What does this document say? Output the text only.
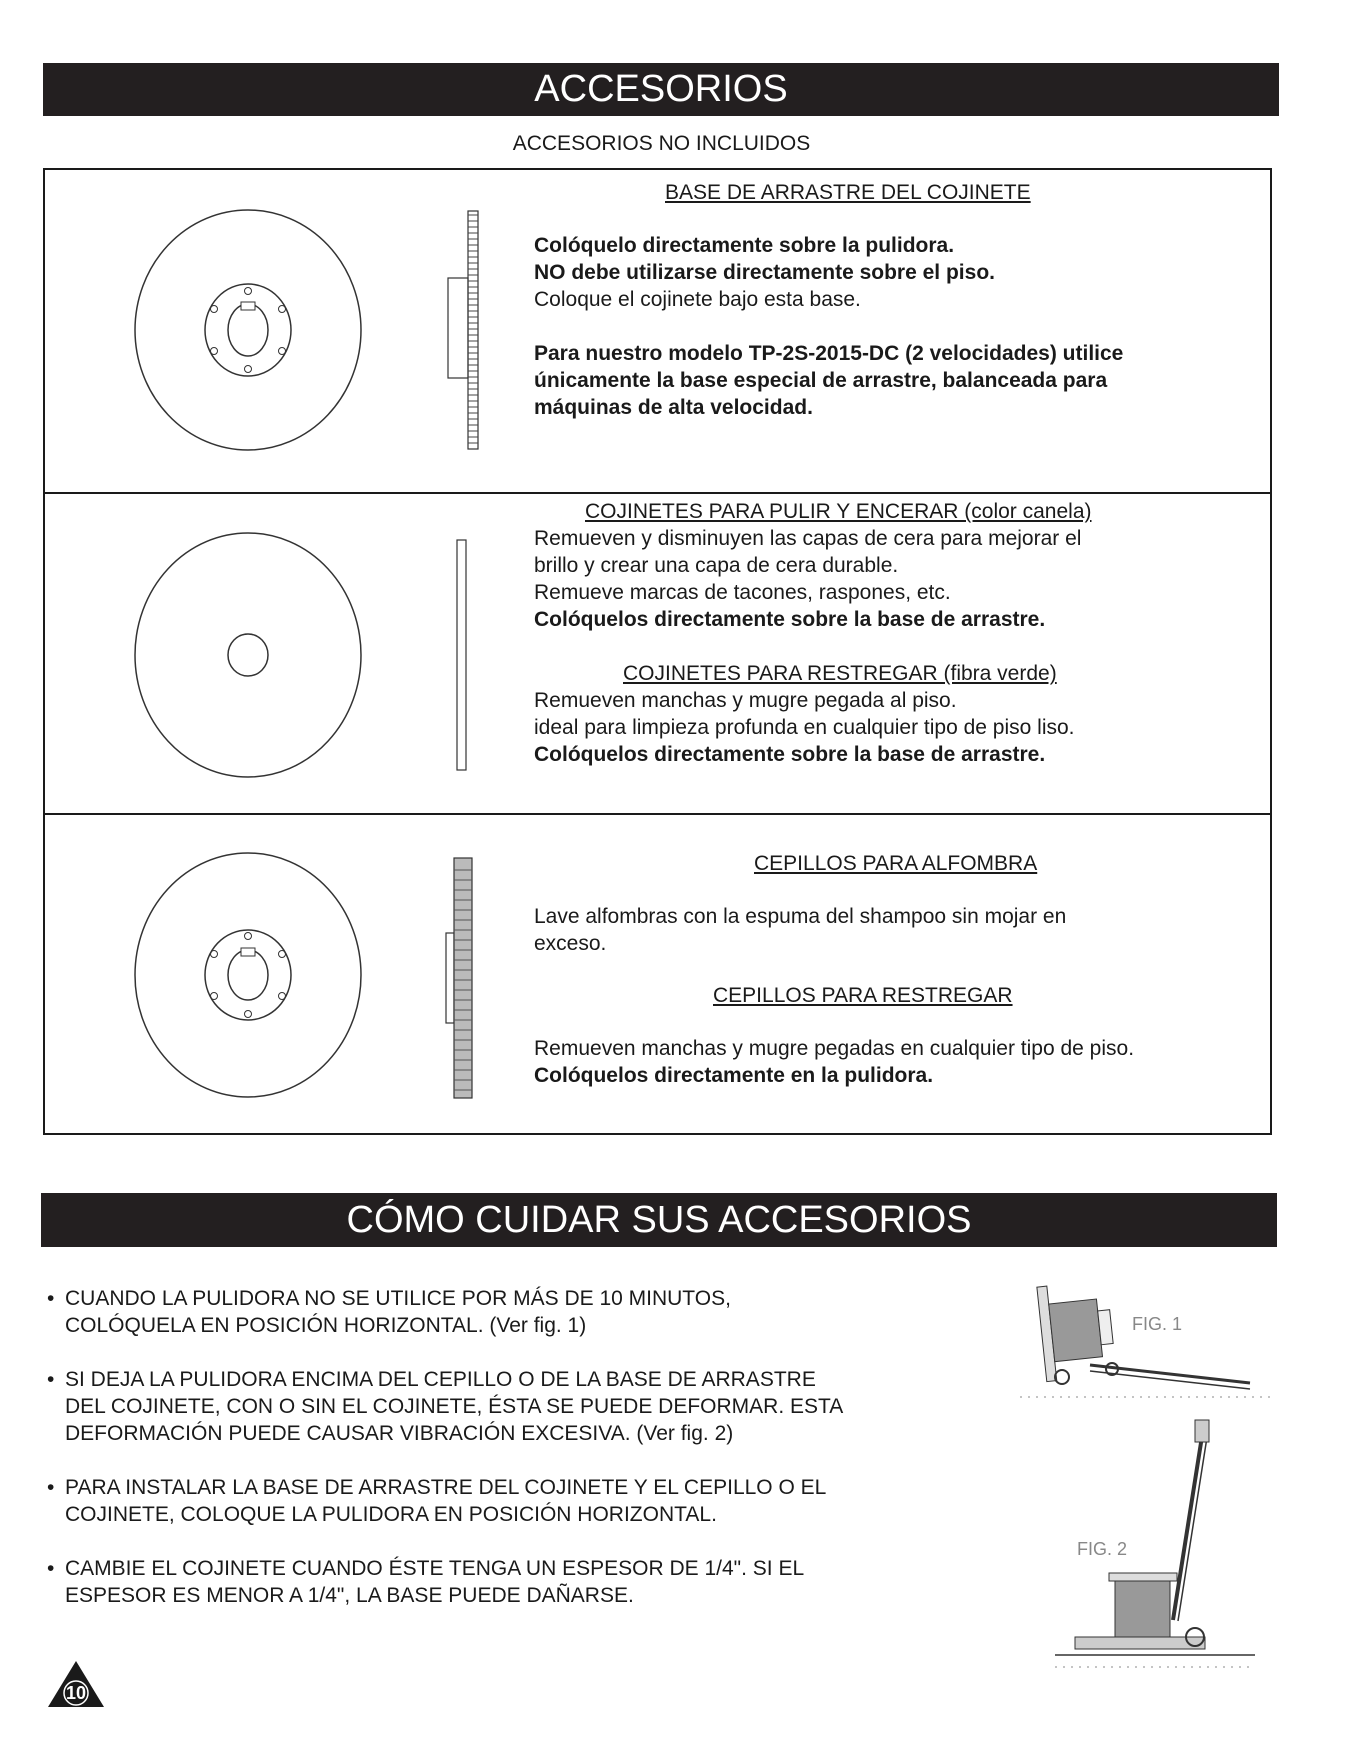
ACCESORIOS
ACCESORIOS NO INCLUIDOS
BASE DE ARRASTRE DEL COJINETE
Colóquelo directamente sobre la pulidora.
NO debe utilizarse directamente sobre el piso.
Coloque el cojinete bajo esta base.
Para nuestro modelo TP-2S-2015-DC (2 velocidades) utilice
únicamente la base especial de arrastre, balanceada para
máquinas de alta velocidad.
COJINETES PARA PULIR Y ENCERAR (color canela)
Remueven y disminuyen las capas de cera para mejorar el
brillo y crear una capa de cera durable.
Remueve marcas de tacones, raspones, etc.
Colóquelos directamente sobre la base de arrastre.
COJINETES PARA RESTREGAR (fibra verde)
Remueven manchas y mugre pegada al piso.
ideal para limpieza profunda en cualquier tipo de piso liso.
Colóquelos directamente sobre la base de arrastre.
CEPILLOS PARA ALFOMBRA
Lave alfombras con la espuma del shampoo sin mojar en
exceso.
CEPILLOS PARA RESTREGAR
Remueven manchas y mugre pegadas en cualquier tipo de piso.
Colóquelos directamente en la pulidora.
CÓMO CUIDAR SUS ACCESORIOS
• CUANDO LA PULIDORA NO SE UTILICE POR MÁS DE 10 MINUTOS,
COLÓQUELA EN POSICIÓN HORIZONTAL. (Ver fig. 1)
• SI DEJA LA PULIDORA ENCIMA DEL CEPILLO O DE LA BASE DE ARRASTRE
DEL COJINETE, CON O SIN EL COJINETE, ÉSTA SE PUEDE DEFORMAR. ESTA
DEFORMACIÓN PUEDE CAUSAR VIBRACIÓN EXCESIVA. (Ver fig. 2)
• PARA INSTALAR LA BASE DE ARRASTRE DEL COJINETE Y EL CEPILLO O EL
COJINETE, COLOQUE LA PULIDORA EN POSICIÓN HORIZONTAL.
• CAMBIE EL COJINETE CUANDO ÉSTE TENGA UN ESPESOR DE 1/4". SI EL
ESPESOR ES MENOR A 1/4", LA BASE PUEDE DAÑARSE.
FIG. 1
FIG. 2
10
